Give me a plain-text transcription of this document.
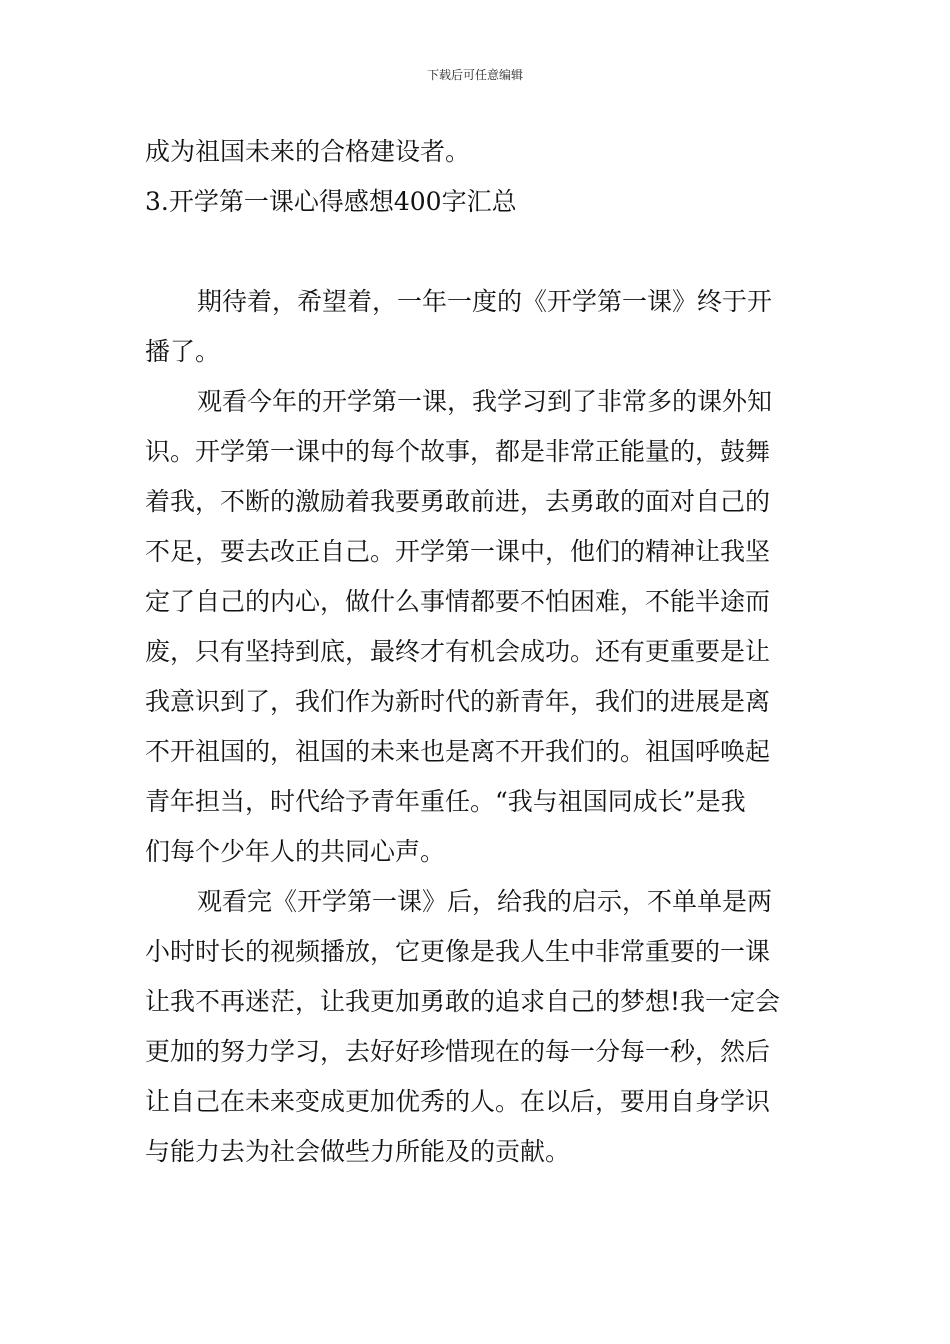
下载后可任意编辑
成为祖国未来的合格建设者。
3.开学第一课心得感想400字汇总
期待着，希望着，一年一度的《开学第一课》终于开
播了。
观看今年的开学第一课，我学习到了非常多的课外知
识。开学第一课中的每个故事，都是非常正能量的，鼓舞
着我，不断的激励着我要勇敢前进，去勇敢的面对自己的
不足，要去改正自己。开学第一课中，他们的精神让我坚
定了自己的内心，做什么事情都要不怕困难，不能半途而
废，只有坚持到底，最终才有机会成功。还有更重要是让
我意识到了，我们作为新时代的新青年，我们的进展是离
不开祖国的，祖国的未来也是离不开我们的。祖国呼唤起
青年担当，时代给予青年重任。“我与祖国同成长”是我
们每个少年人的共同心声。
观看完《开学第一课》后，给我的启示，不单单是两
小时时长的视频播放，它更像是我人生中非常重要的一课
让我不再迷茫，让我更加勇敢的追求自己的梦想!我一定会
更加的努力学习，去好好珍惜现在的每一分每一秒，然后
让自己在未来变成更加优秀的人。在以后，要用自身学识
与能力去为社会做些力所能及的贡献。
